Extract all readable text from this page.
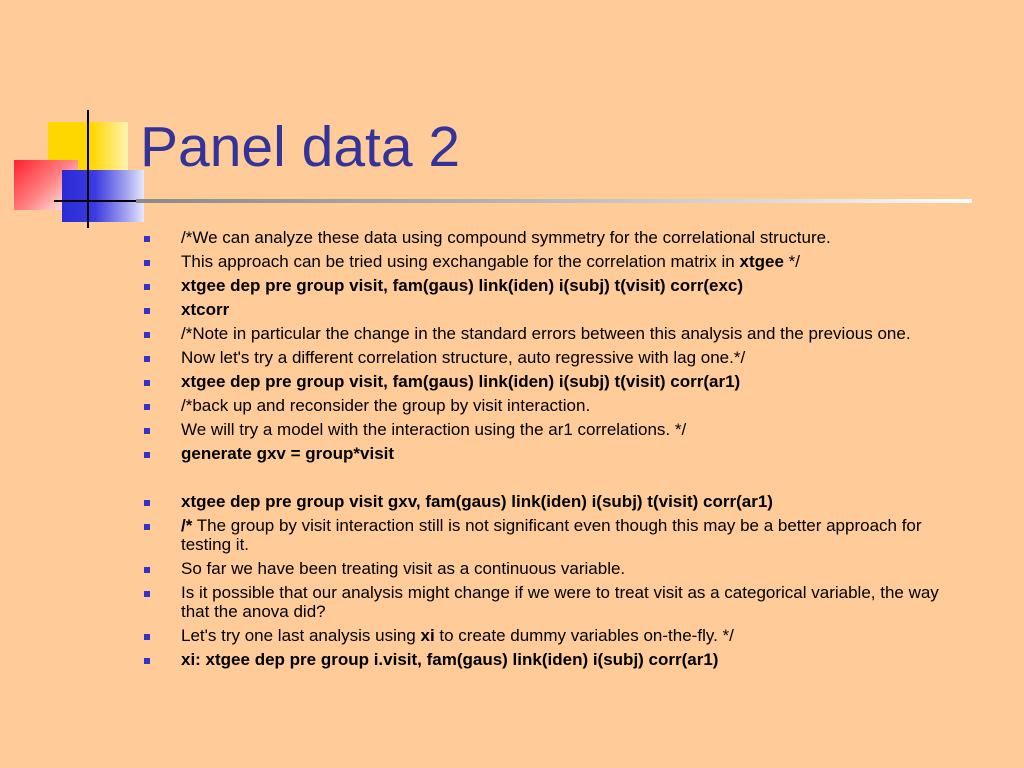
Panel data 2
/*We can analyze these data using compound symmetry for the correlational structure.
This approach can be tried using exchangable for the correlation matrix in xtgee */
xtgee dep pre group visit, fam(gaus) link(iden) i(subj) t(visit) corr(exc)
xtcorr
/*Note in particular the change in the standard errors between this analysis and the previous one.
Now let's try a different correlation structure, auto regressive with lag one.*/
xtgee dep pre group visit, fam(gaus) link(iden) i(subj) t(visit) corr(ar1)
/*back up and reconsider the group by visit interaction.
We will try a model with the interaction using the ar1 correlations. */
generate gxv = group*visit
xtgee dep pre group visit gxv, fam(gaus) link(iden) i(subj) t(visit) corr(ar1)
/* The group by visit interaction still is not significant even though this may be a better approach for testing it.
So far we have been treating visit as a continuous variable.
Is it possible that our analysis might change if we were to treat visit as a categorical variable, the way that the anova did?
Let's try one last analysis using xi to create dummy variables on-the-fly. */
xi: xtgee dep pre group i.visit, fam(gaus) link(iden) i(subj) corr(ar1)
